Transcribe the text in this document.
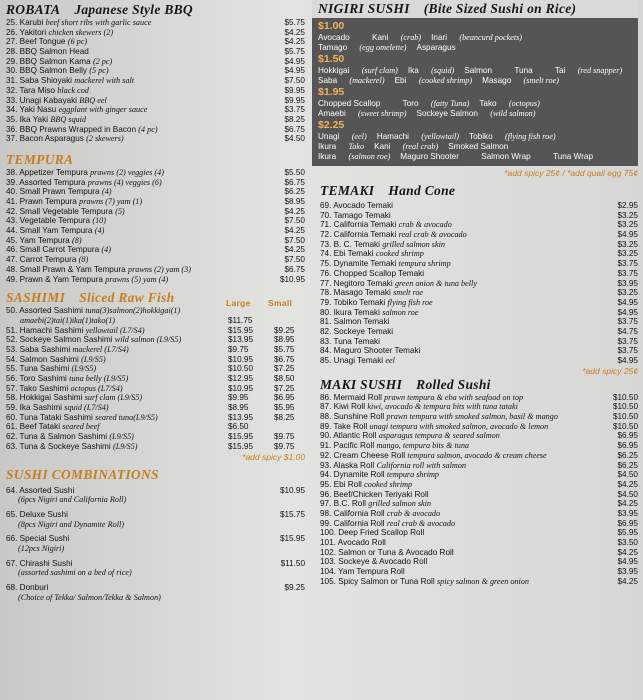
ROBATA Japanese Style BBQ
25. Karubi beef short ribs with garlic sauce	$5.75
26. Yakitori chicken skewers (2)	$4.25
27. Beef Tongue (6 pc)	$4.25
28. BBQ Salmon Head	$5.75
29. BBQ Salmon Kama (2 pc)	$4.95
30. BBQ Salmon Belly (5 pc)	$4.95
31. Saba Shioyaki mackerel with salt	$7.50
32. Tara Miso black cod	$9.95
33. Unagi Kabayaki BBQ eel	$9.95
34. Yaki Nasu eggplant with ginger sauce	$3.75
35. Ika Yaki BBQ squid	$8.25
36. BBQ Prawns Wrapped in Bacon (4 pc)	$6.75
37. Bacon Asparagus (2 skewers)	$4.50
TEMPURA
38. Appetizer Tempura prawns (2) veggies (4)	$5.50
39. Assorted Tempura prawns (4) veggies (6)	$6.75
40. Small Prawn Tempura (4)	$6.25
41. Prawn Tempura prawns (7) yam (1)	$8.95
42. Small Vegetable Tempura (5)	$4.25
43. Vegetable Tempura (10)	$7.50
44. Small Yam Tempura (4)	$4.25
45. Yam Tempura (8)	$7.50
46. Small Carrot Tempura (4)	$4.25
47. Carrot Tempura (8)	$7.50
48. Small Prawn & Yam Tempura prawns (2) yam (3)	$6.75
49. Prawn & Yam Tempura prawns (5) yam (4)	$10.95
SASHIMI Sliced Raw Fish	Large Small
50. Assorted Sashimi tuna(3)salmon(2)hokkigai(1)
amaebi(2)tai(1)ika(1)tako(1)	$11.75
51. Hamachi Sashimi yellowtail (L7/S4)	$15.95	$9.25
52. Sockeye Salmon Sashimi wild salmon (L9/S5)	$13.95	$8.95
53. Saba Sashimi mackerel (L7/S4)	$9.75	$5.75
54. Salmon Sashimi (L9/S5)	$10.95	$6.75
55. Tuna Sashimi (L9/S5)	$10.50	$7.25
56. Toro Sashimi tuna belly (L9/S5)	$12.95	$8.50
57. Tako Sashimi octopus (L7/S4)	$10.95	$7.25
58. Hokkigai Sashimi surf clam (L9/S5)	$9.95	$6.95
59. Ika Sashimi squid (L7/S4)	$8.95	$5.95
60. Tuna Tataki Sashimi seared tuna(L9/S5)	$13.95	$8.25
61. Beef Tataki seared beef	$6.50
62. Tuna & Salmon Sashimi (L9/S5)	$15.95	$9.75
63. Tuna & Sockeye Sashimi (L9/S5)	$15.95	$9.75
*add spicy $1.00
SUSHI COMBINATIONS
64. Assorted Sushi	$10.95
(6pcs Nigiri and California Roll)
65. Deluxe Sushi	$15.75
(8pcs Nigiri and Dynamite Roll)
66. Special Sushi	$15.95
(12pcs Nigiri)
67. Chirashi Sushi	$11.50
(assorted sashimi on a bed of rice)
68. Donburi	$9.25
(Choice of Tekka/ Salmon/Tekka & Salmon)
NIGIRI SUSHI (Bite Sized Sushi on Rice)
$1.00
Avocado	Kani (crab) Inari (beancurd pockets)
Tamago (egg omelette) Asparagus
$1.50
Hokkigai (surf clam) Ika (squid) Salmon	Tuna	Tai (red snapper)
Saba (mackerel) Ebi (cooked shrimp) Masago (smelt roe)
$1.95
Chopped Scallop	Toro (fatty Tuna) Tako (octopus)
Amaebi (sweet shrimp) Sockeye Salmon (wild salmon)
$2.25
Unagi (eel) Hamachi (yellowtail) Tobiko (flying fish roe)
Ikura Tako Kani (real crab) Smoked Salmon
Ikura (salmon roe) Maguro Shooter	Salmon Wrap	Tuna Wrap
*add spicy 25¢ / *add quail egg 75¢
TEMAKI Hand Cone
69. Avocado Temaki	$2.95
70. Tamago Temaki	$3.25
71. California Temaki crab & avocado	$3.25
72. California Temaki real crab & avocado	$4.95
73. B. C. Temaki grilled salmon skin	$3.25
74. Ebi Temaki cooked shrimp	$3.25
75. Dynamite Temaki tempura shrimp	$3.75
76. Chopped Scallop Temaki	$3.75
77. Negitoro Temaki green onion & tuna belly	$3.95
78. Masago Temaki smelt roe	$3.25
79. Tobiko Temaki flying fish roe	$4.95
80. Ikura Temaki salmon roe	$4.95
81. Salmon Temaki	$3.75
82. Sockeye Temaki	$4.75
83. Tuna Temaki	$3.75
84. Maguro Shooter Temaki	$3.75
85. Unagi Temaki eel	$4.95
*add spicy 25¢
MAKI SUSHI Rolled Sushi
86. Mermaid Roll prawn tempura & eba with seafood on top	$10.50
87. Kiwi Roll kiwi, avocado & tempura bits with tuna tataki	$10.50
88. Sunshine Roll prawn tempura with smoked salmon, basil & mango	$10.50
89. Take Roll unagi tempura with smoked salmon, avocado & lemon	$10.50
90. Atlantic Roll asparagus tempura & seared salmon	$6.95
91. Pacific Roll mango, tempura bits & tuna	$6.95
92. Cream Cheese Roll tempura salmon, avocado & cream cheese	$6.25
93. Alaska Roll California roll with salmon	$6.25
94. Dynamite Roll tempura shrimp	$4.50
95. Ebi Roll cooked shrimp	$4.25
96. Beef/Chicken Teriyaki Roll	$4.50
97. B.C. Roll grilled salmon skin	$4.25
98. California Roll crab & avocado	$3.95
99. California Roll real crab & avocado	$6.95
100. Deep Fried Scallop Roll	$5.95
101. Avocado Roll	$3.50
102. Salmon or Tuna & Avocado Roll	$4.25
103. Sockeye & Avocado Roll	$4.95
104. Yam Tempura Roll	$3.95
105. Spicy Salmon or Tuna Roll spicy salmon & green onion	$4.25
